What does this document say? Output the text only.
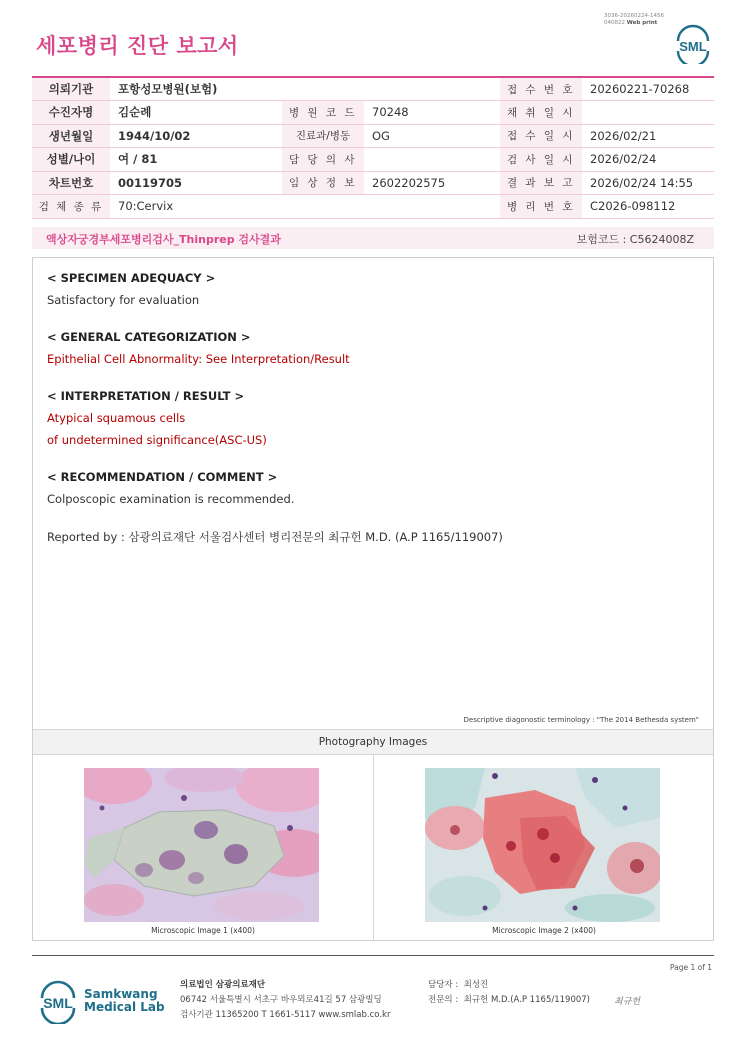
3036-20260224-1456
040822 Web print
세포병리 진단 보고서	SML
의뢰기관	포항성모병원(보험)			접 수 번 호	20260221-70268
수진자명	김순례	병 원 코 드	70248	채 취 일 시	
생년월일	1944/10/02	진료과/병동	OG	접 수 일 시	2026/02/21
성별/나이	여 / 81	담 당 의 사		검 사 일 시	2026/02/24
차트번호	00119705	임 상 정 보	2602202575	결 과 보 고	2026/02/24 14:55
검 체 종 류	70:Cervix			병 리 번 호	C2026-098112
액상자궁경부세포병리검사_Thinprep 검사결과	보험코드 : C5624008Z
< SPECIMEN ADEQUACY >
Satisfactory for evaluation
< GENERAL CATEGORIZATION >
Epithelial Cell Abnormality: See Interpretation/Result
< INTERPRETATION / RESULT >
Atypical squamous cells
of undetermined significance(ASC-US)
< RECOMMENDATION / COMMENT >
Colposcopic examination is recommended.
Reported by : 삼광의료재단 서울검사센터 병리전문의 최규헌 M.D. (A.P 1165/119007)
Descriptive diagonostic terminology : "The 2014 Bethesda system"
Photography Images
Microscopic Image 1 (x400)	Microscopic Image 2 (x400)
Page 1 of 1
SML
Samkwang
Medical Lab
의료법인 삼광의료재단
06742 서울특별시 서초구 바우뫼로41길 57 삼광빌딩
검사기관 11365200 T 1661-5117 www.smlab.co.kr
담당자 : 최성진
전문의 : 최규헌 M.D.(A.P 1165/119007)	최규헌
